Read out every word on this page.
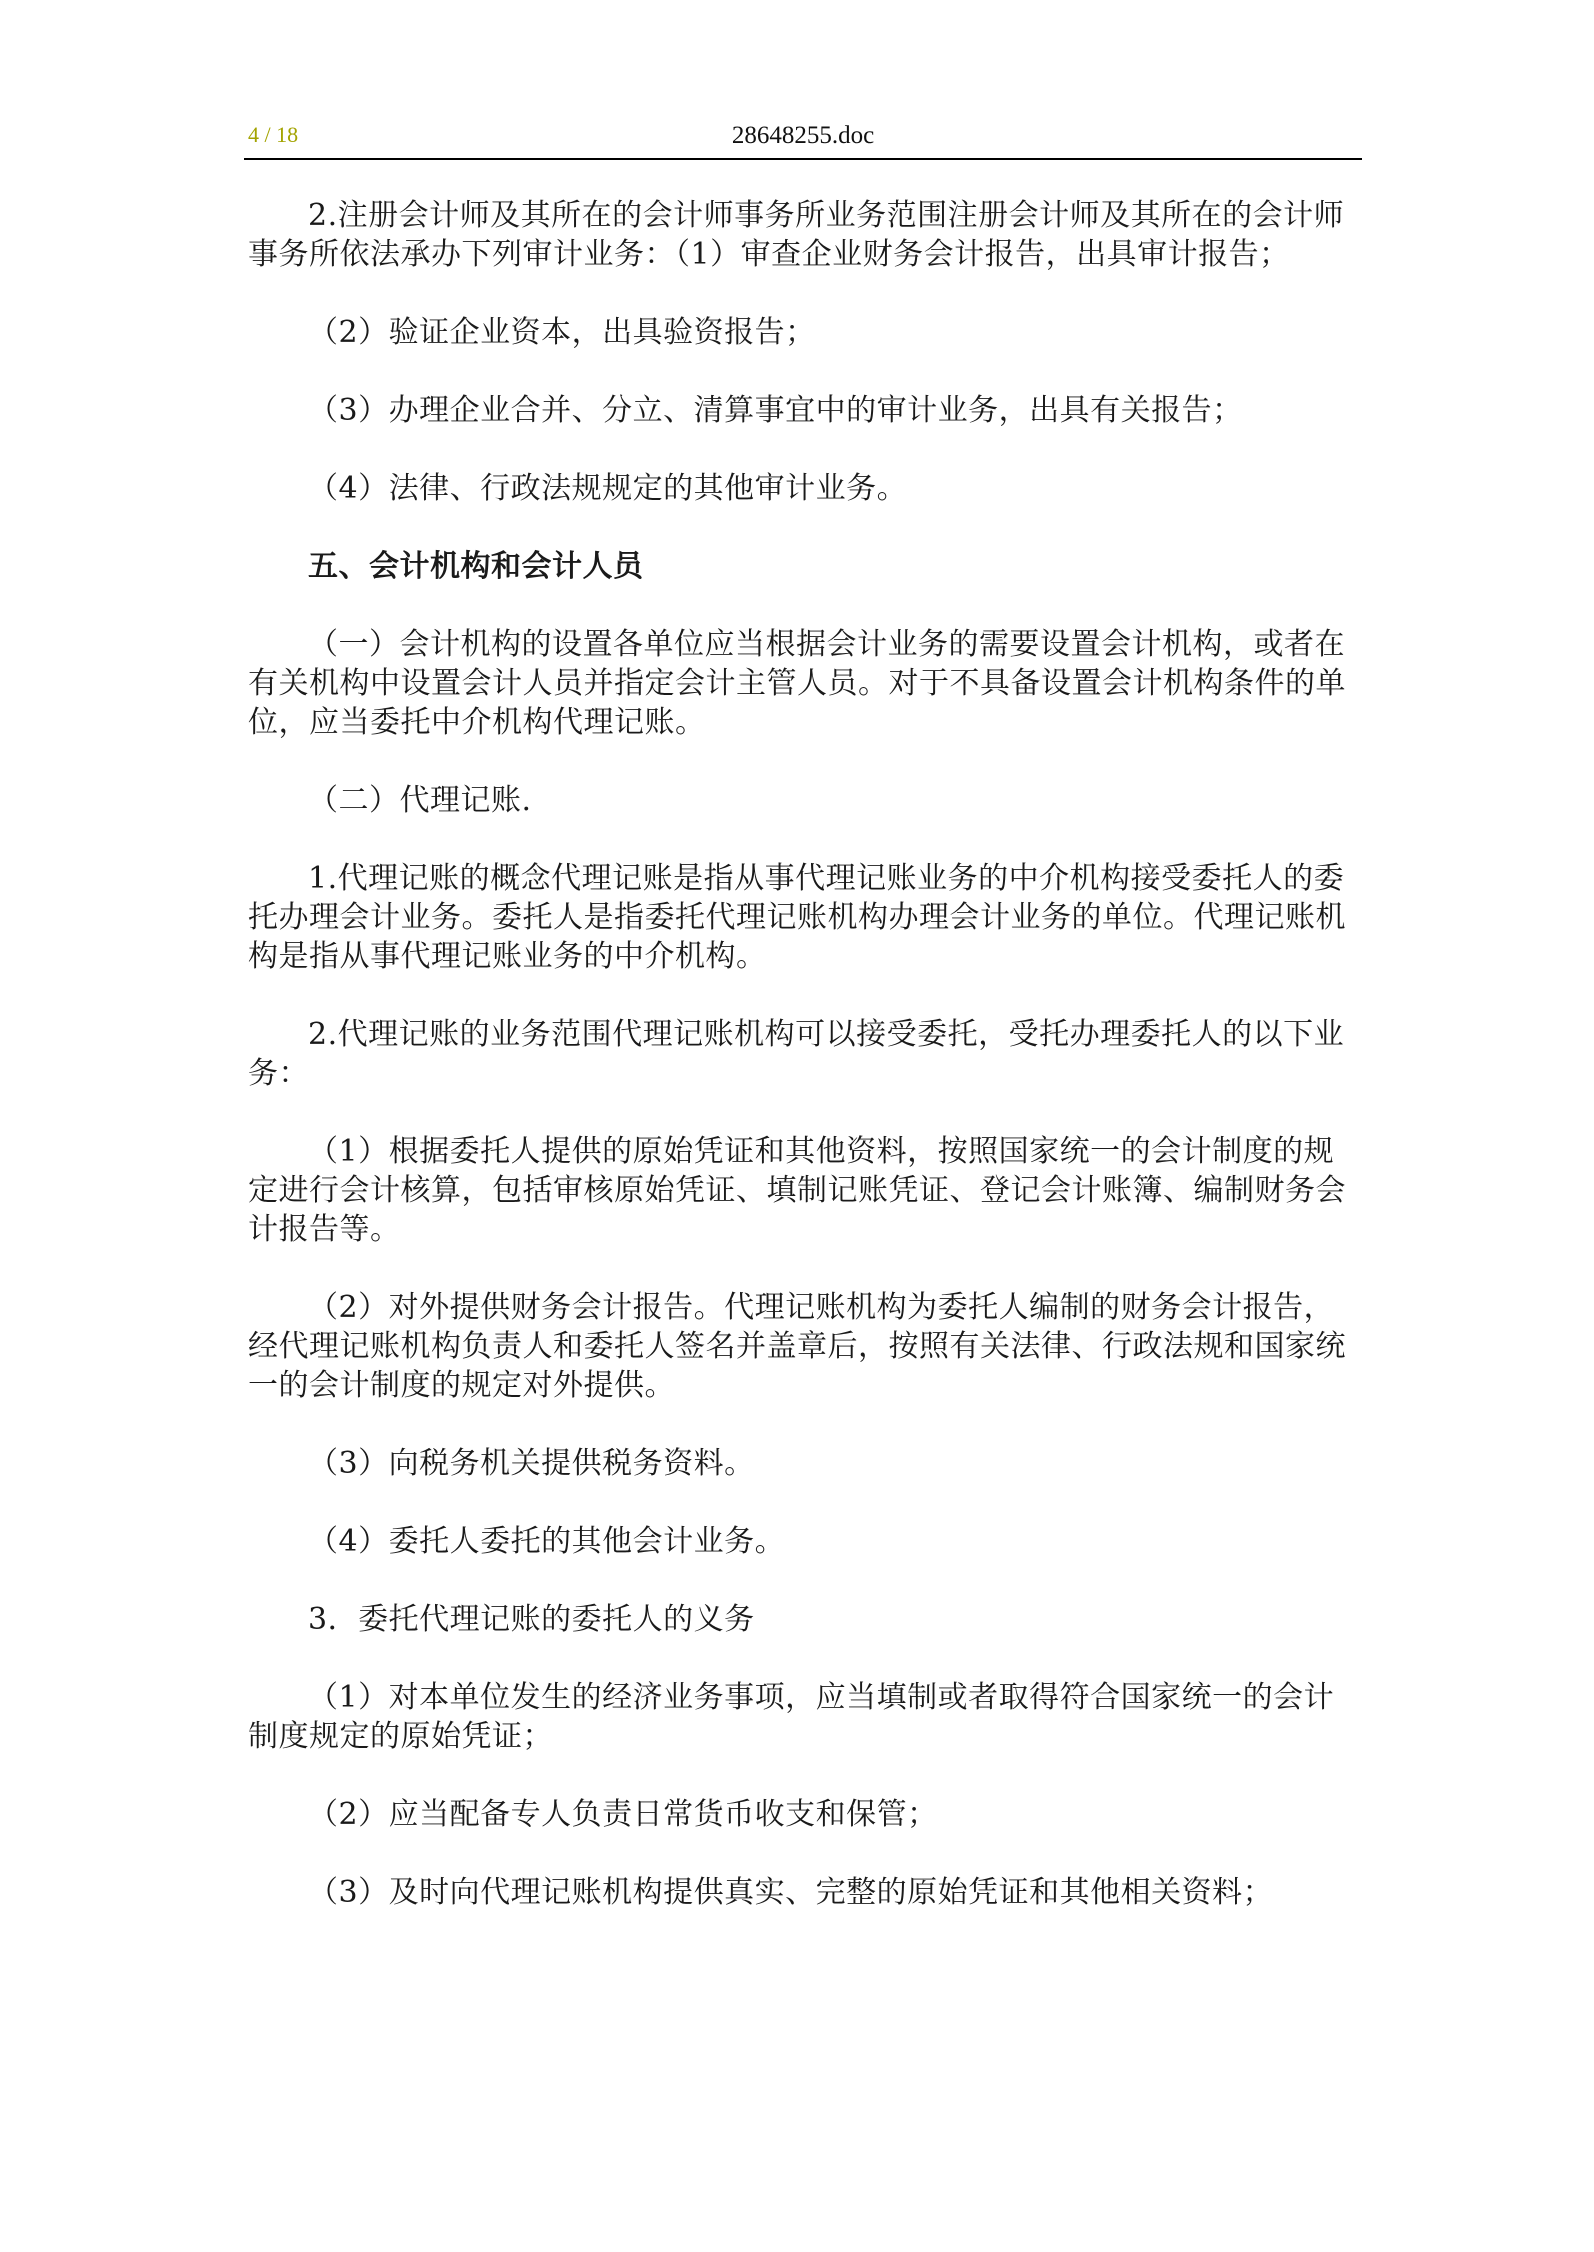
4 / 18	28648255.doc

2.注册会计师及其所在的会计师事务所业务范围注册会计师及其所在的会计师事务所依法承办下列审计业务：（1）审查企业财务会计报告，出具审计报告；

（2）验证企业资本，出具验资报告；

（3）办理企业合并、分立、清算事宜中的审计业务，出具有关报告；

（4）法律、行政法规规定的其他审计业务。

五、会计机构和会计人员

（一）会计机构的设置各单位应当根据会计业务的需要设置会计机构，或者在有关机构中设置会计人员并指定会计主管人员。对于不具备设置会计机构条件的单位，应当委托中介机构代理记账。

（二）代理记账.

1.代理记账的概念代理记账是指从事代理记账业务的中介机构接受委托人的委托办理会计业务。委托人是指委托代理记账机构办理会计业务的单位。代理记账机构是指从事代理记账业务的中介机构。

2.代理记账的业务范围代理记账机构可以接受委托，受托办理委托人的以下业务：

（1）根据委托人提供的原始凭证和其他资料，按照国家统一的会计制度的规定进行会计核算，包括审核原始凭证、填制记账凭证、登记会计账簿、编制财务会计报告等。

（2）对外提供财务会计报告。代理记账机构为委托人编制的财务会计报告，经代理记账机构负责人和委托人签名并盖章后，按照有关法律、行政法规和国家统一的会计制度的规定对外提供。

（3）向税务机关提供税务资料。

（4）委托人委托的其他会计业务。

3．委托代理记账的委托人的义务

（1）对本单位发生的经济业务事项，应当填制或者取得符合国家统一的会计制度规定的原始凭证；

（2）应当配备专人负责日常货币收支和保管；

（3）及时向代理记账机构提供真实、完整的原始凭证和其他相关资料；
